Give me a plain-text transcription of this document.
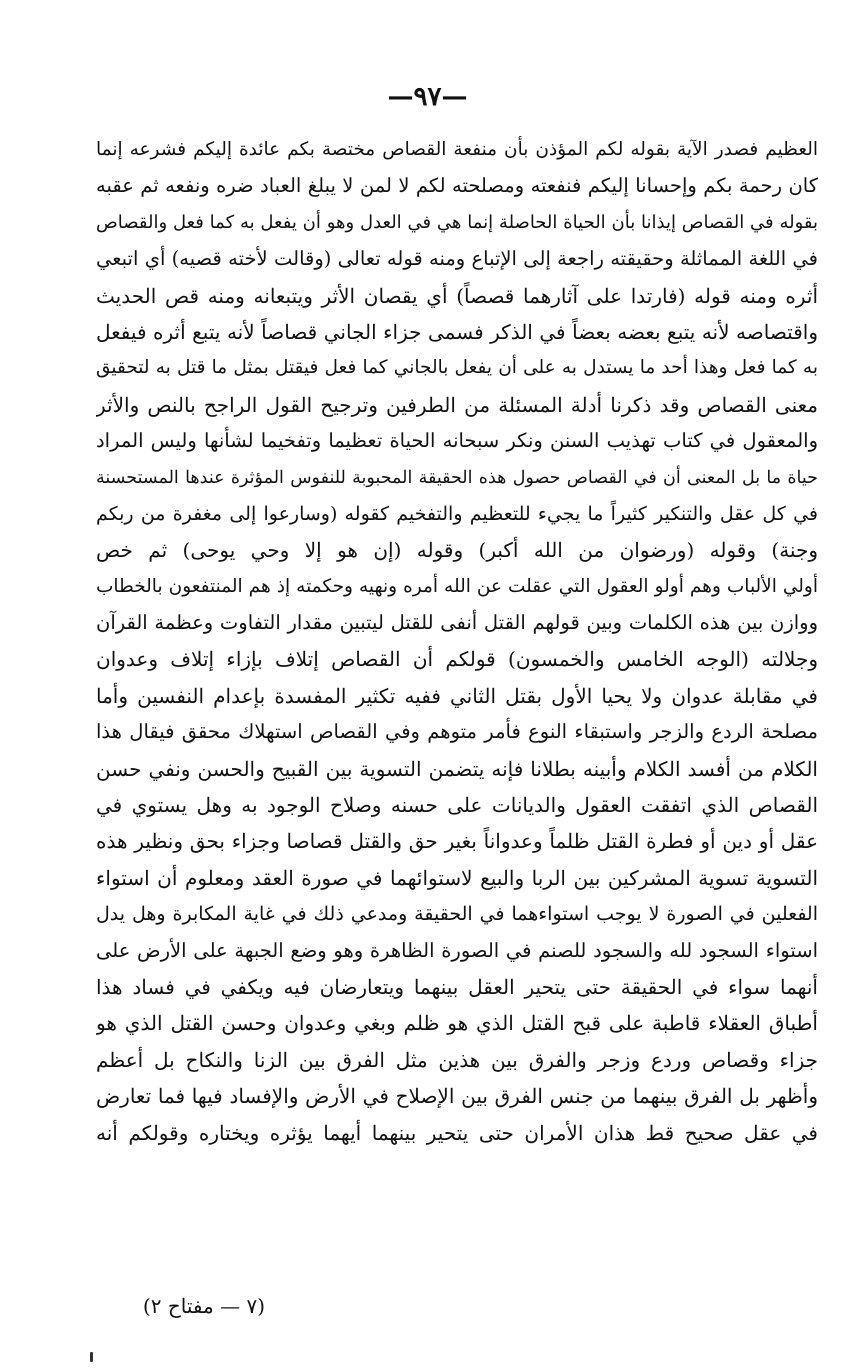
—٩٧—
العظيم فصدر الآية بقوله لكم المؤذن بأن منفعة القصاص مختصة بكم عائدة إليكم فشرعه إنما
كان رحمة بكم وإحسانا إليكم فنفعته ومصلحته لكم لا لمن لا يبلغ العباد ضره ونفعه ثم عقبه
بقوله في القصاص إيذانا بأن الحياة الحاصلة إنما هي في العدل وهو أن يفعل به كما فعل والقصاص
في اللغة المماثلة وحقيقته راجعة إلى الإتباع ومنه قوله تعالى (وقالت لأخته قصيه) أي اتبعي
أثره ومنه قوله (فارتدا على آثارهما قصصاً) أي يقصان الأثر ويتبعانه ومنه قص الحديث
واقتصاصه لأنه يتبع بعضه بعضاً في الذكر فسمى جزاء الجاني قصاصاً لأنه يتبع أثره فيفعل
به كما فعل وهذا أحد ما يستدل به على أن يفعل بالجاني كما فعل فيقتل بمثل ما قتل به لتحقيق
معنى القصاص وقد ذكرنا أدلة المسئلة من الطرفين وترجيح القول الراجح بالنص والأثر
والمعقول في كتاب تهذيب السنن ونكر سبحانه الحياة تعظيما وتفخيما لشأنها وليس المراد
حياة ما بل المعنى أن في القصاص حصول هذه الحقيقة المحبوبة للنفوس المؤثرة عندها المستحسنة
في كل عقل والتنكير كثيراً ما يجيء للتعظيم والتفخيم كقوله (وسارعوا إلى مغفرة من ربكم
وجنة) وقوله (ورضوان من الله أكبر) وقوله (إن هو إلا وحي يوحى) ثم خص
أولي الألباب وهم أولو العقول التي عقلت عن الله أمره ونهيه وحكمته إذ هم المنتفعون بالخطاب
ووازن بين هذه الكلمات وبين قولهم القتل أنفى للقتل ليتبين مقدار التفاوت وعظمة القرآن
وجلالته (الوجه الخامس والخمسون) قولكم أن القصاص إتلاف بإزاء إتلاف وعدوان
في مقابلة عدوان ولا يحيا الأول بقتل الثاني ففيه تكثير المفسدة بإعدام النفسين وأما
مصلحة الردع والزجر واستبقاء النوع فأمر متوهم وفي القصاص استهلاك محقق فيقال هذا
الكلام من أفسد الكلام وأبينه بطلانا فإنه يتضمن التسوية بين القبيح والحسن ونفي حسن
القصاص الذي اتفقت العقول والديانات على حسنه وصلاح الوجود به وهل يستوي في
عقل أو دين أو فطرة القتل ظلماً وعدواناً بغير حق والقتل قصاصا وجزاء بحق ونظير هذه
التسوية تسوية المشركين بين الربا والبيع لاستوائهما في صورة العقد ومعلوم أن استواء
الفعلين في الصورة لا يوجب استواءهما في الحقيقة ومدعي ذلك في غاية المكابرة وهل يدل
استواء السجود لله والسجود للصنم في الصورة الظاهرة وهو وضع الجبهة على الأرض على
أنهما سواء في الحقيقة حتى يتحير العقل بينهما ويتعارضان فيه ويكفي في فساد هذا
أطباق العقلاء قاطبة على قبح القتل الذي هو ظلم وبغي وعدوان وحسن القتل الذي هو
جزاء وقصاص وردع وزجر والفرق بين هذين مثل الفرق بين الزنا والنكاح بل أعظم
وأظهر بل الفرق بينهما من جنس الفرق بين الإصلاح في الأرض والإفساد فيها فما تعارض
في عقل صحيح قط هذان الأمران حتى يتحير بينهما أيهما يؤثره ويختاره وقولكم أنه
(٧ — مفتاح ٢)
